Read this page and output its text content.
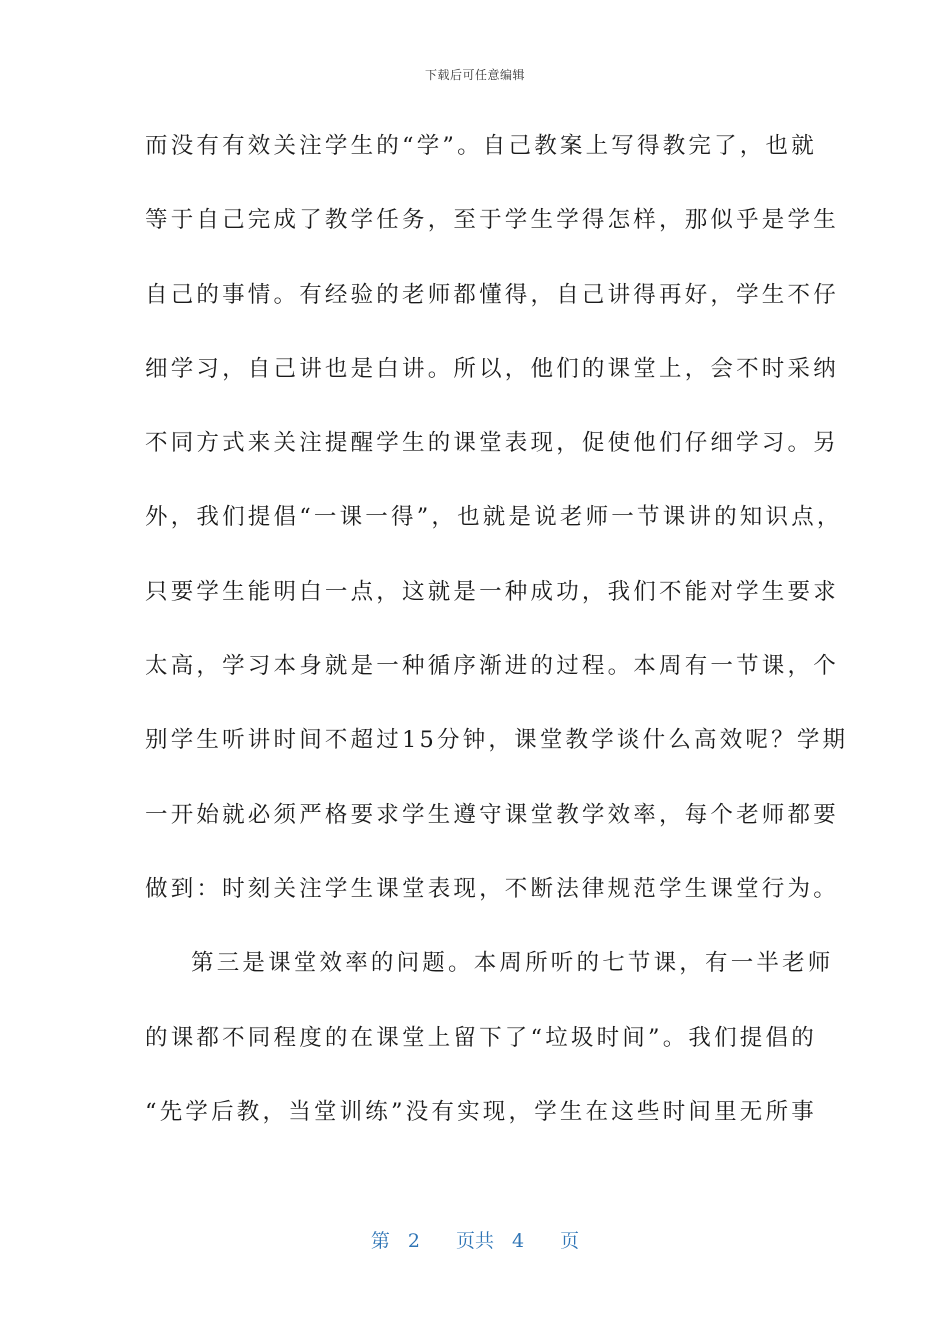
下载后可任意编辑
而没有有效关注学生的“学”。自己教案上写得教完了，也就
等于自己完成了教学任务，至于学生学得怎样，那似乎是学生
自己的事情。有经验的老师都懂得，自己讲得再好，学生不仔
细学习，自己讲也是白讲。所以，他们的课堂上，会不时采纳
不同方式来关注提醒学生的课堂表现，促使他们仔细学习。另
外，我们提倡“一课一得”，也就是说老师一节课讲的知识点，
只要学生能明白一点，这就是一种成功，我们不能对学生要求
太高，学习本身就是一种循序渐进的过程。本周有一节课，个
别学生听讲时间不超过15分钟，课堂教学谈什么高效呢？学期
一开始就必须严格要求学生遵守课堂教学效率，每个老师都要
做到：时刻关注学生课堂表现，不断法律规范学生课堂行为。
第三是课堂效率的问题。本周所听的七节课，有一半老师
的课都不同程度的在课堂上留下了“垃圾时间”。我们提倡的
“先学后教，当堂训练”没有实现，学生在这些时间里无所事
第 2 页共 4 页
